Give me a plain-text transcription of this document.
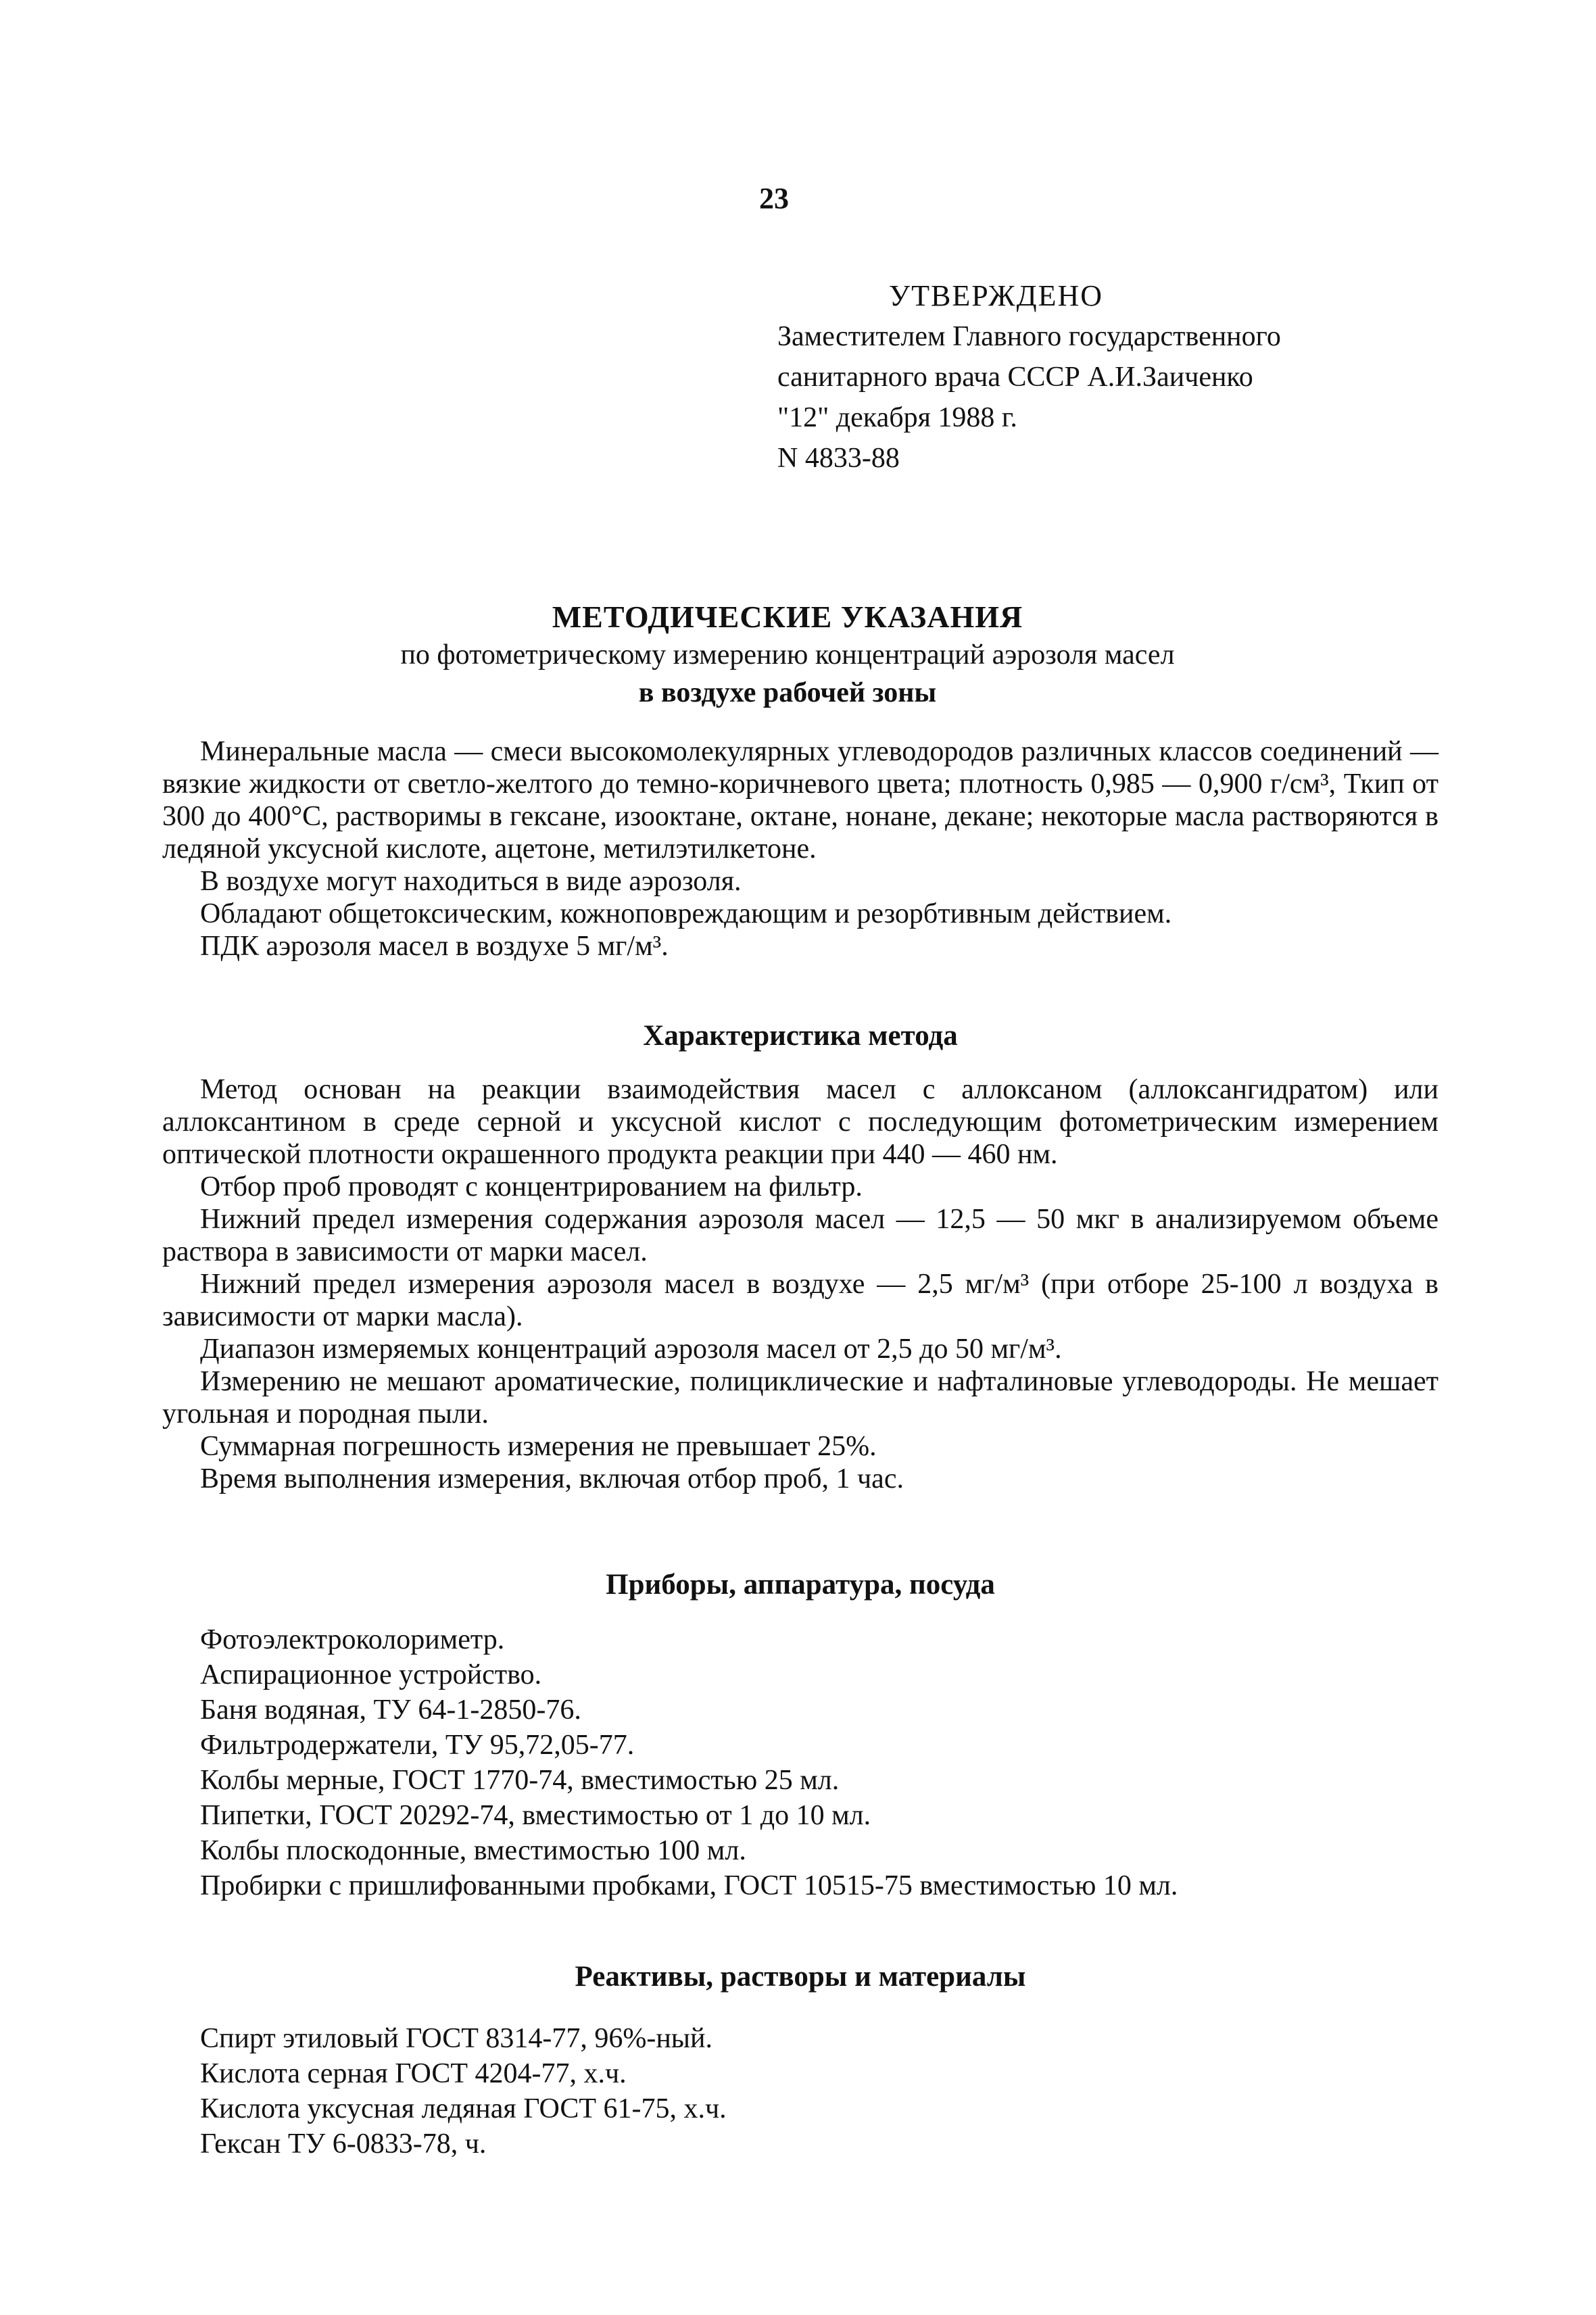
23
УТВЕРЖДЕНО
Заместителем Главного государственного
санитарного врача СССР А.И.Заиченко
"12" декабря 1988 г.
N 4833-88
МЕТОДИЧЕСКИЕ УКАЗАНИЯ
по фотометрическому измерению концентраций аэрозоля масел
в воздухе рабочей зоны

Минеральные масла — смеси высокомолекулярных углеводородов различных классов соединений — вязкие жидкости от светло-желтого до темно-коричневого цвета; плотность 0,985 — 0,900 г/см³, Ткип от 300 до 400°С, растворимы в гексане, изооктане, октане, нонане, декане; некоторые масла растворяются в ледяной уксусной кислоте, ацетоне, метилэтилкетоне.

В воздухе могут находиться в виде аэрозоля.

Обладают общетоксическим, кожноповреждающим и резорбтивным действием.

ПДК аэрозоля масел в воздухе 5 мг/м³.

Характеристика метода

Метод основан на реакции взаимодействия масел с аллоксаном (аллоксангидратом) или аллоксантином в среде серной и уксусной кислот с последующим фотометрическим измерением оптической плотности окрашенного продукта реакции при 440 — 460 нм.

Отбор проб проводят с концентрированием на фильтр.

Нижний предел измерения содержания аэрозоля масел — 12,5 — 50 мкг в анализируемом объеме раствора в зависимости от марки масел.

Нижний предел измерения аэрозоля масел в воздухе — 2,5 мг/м³ (при отборе 25-100 л воздуха в зависимости от марки масла).

Диапазон измеряемых концентраций аэрозоля масел от 2,5 до 50 мг/м³.

Измерению не мешают ароматические, полициклические и нафталиновые углеводороды. Не мешает угольная и породная пыли.

Суммарная погрешность измерения не превышает 25%.

Время выполнения измерения, включая отбор проб, 1 час.

Приборы, аппаратура, посуда
Фотоэлектроколориметр.
Аспирационное устройство.
Баня водяная, ТУ 64-1-2850-76.
Фильтродержатели, ТУ 95,72,05-77.
Колбы мерные, ГОСТ 1770-74, вместимостью 25 мл.
Пипетки, ГОСТ 20292-74, вместимостью от 1 до 10 мл.
Колбы плоскодонные, вместимостью 100 мл.
Пробирки с пришлифованными пробками, ГОСТ 10515-75 вместимостью 10 мл.
Реактивы, растворы и материалы
Спирт этиловый ГОСТ 8314-77, 96%-ный.
Кислота серная ГОСТ 4204-77, х.ч.
Кислота уксусная ледяная ГОСТ 61-75, х.ч.
Гексан ТУ 6-0833-78, ч.
